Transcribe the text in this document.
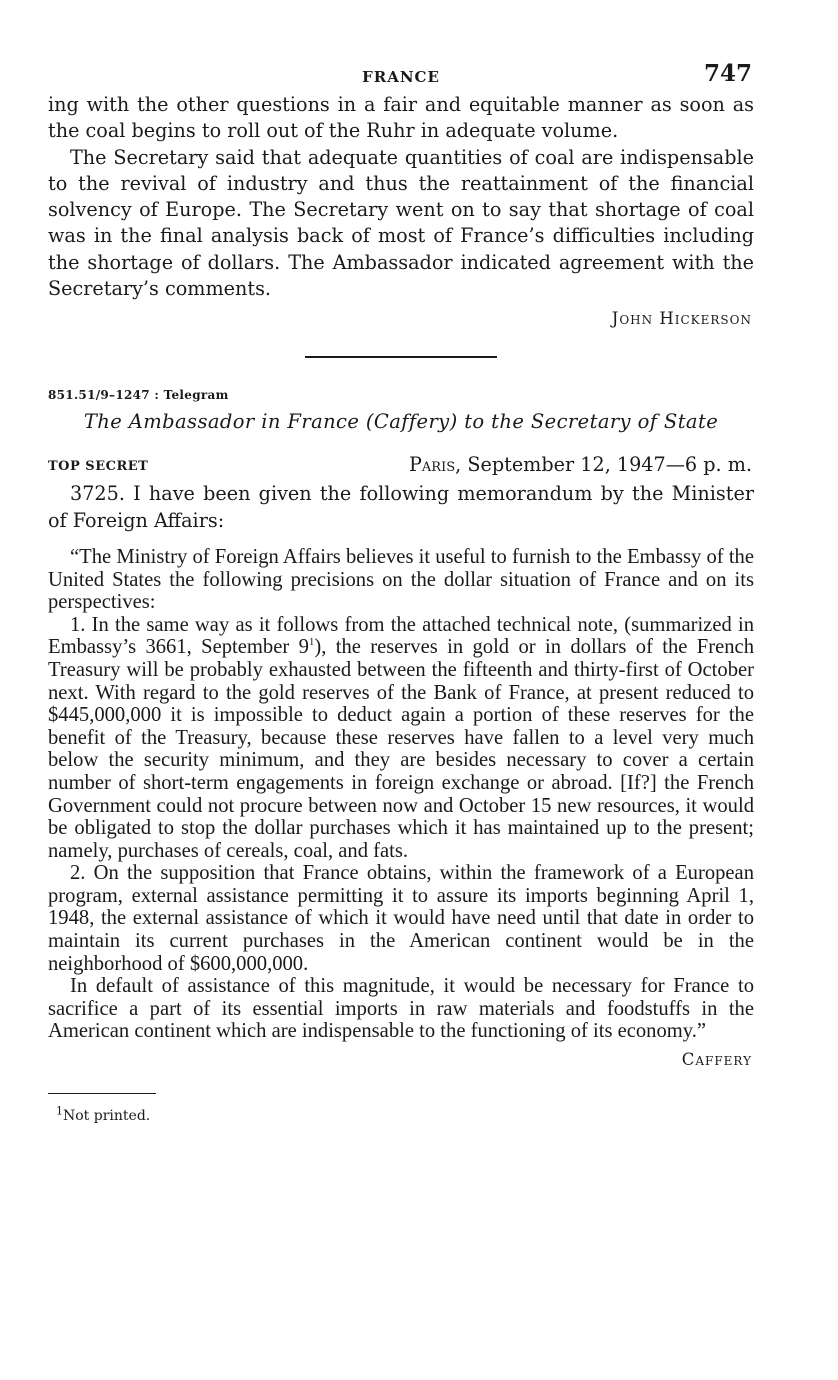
FRANCE	747

ing with the other questions in a fair and equitable manner as soon as the coal begins to roll out of the Ruhr in adequate volume.

The Secretary said that adequate quantities of coal are indispensable to the revival of industry and thus the reattainment of the financial solvency of Europe. The Secretary went on to say that shortage of coal was in the final analysis back of most of France’s difficulties including the shortage of dollars. The Ambassador indicated agreement with the Secretary’s comments.

John Hickerson
851.51/9–1247 : Telegram
The Ambassador in France (Caffery) to the Secretary of State
TOP SECRET	Paris, September 12, 1947—6 p. m.

3725. I have been given the following memorandum by the Minister of Foreign Affairs:

“The Ministry of Foreign Affairs believes it useful to furnish to the Embassy of the United States the following precisions on the dollar situation of France and on its perspectives:

1. In the same way as it follows from the attached technical note, (summarized in Embassy’s 3661, September $9^1$), the reserves in gold or in dollars of the French Treasury will be probably exhausted between the fifteenth and thirty-first of October next. With regard to the gold reserves of the Bank of France, at present reduced to $445,000,000 it is impossible to deduct again a portion of these reserves for the benefit of the Treasury, because these reserves have fallen to a level very much below the security minimum, and they are besides necessary to cover a certain number of short-term engagements in foreign exchange or abroad. [If?] the French Government could not procure between now and October 15 new resources, it would be obligated to stop the dollar purchases which it has maintained up to the present; namely, purchases of cereals, coal, and fats.

2. On the supposition that France obtains, within the framework of a European program, external assistance permitting it to assure its imports beginning April 1, 1948, the external assistance of which it would have need until that date in order to maintain its current purchases in the American continent would be in the neighborhood of $600,000,000.

In default of assistance of this magnitude, it would be necessary for France to sacrifice a part of its essential imports in raw materials and foodstuffs in the American continent which are indispensable to the functioning of its economy.”

Caffery
$^1$Not printed.
